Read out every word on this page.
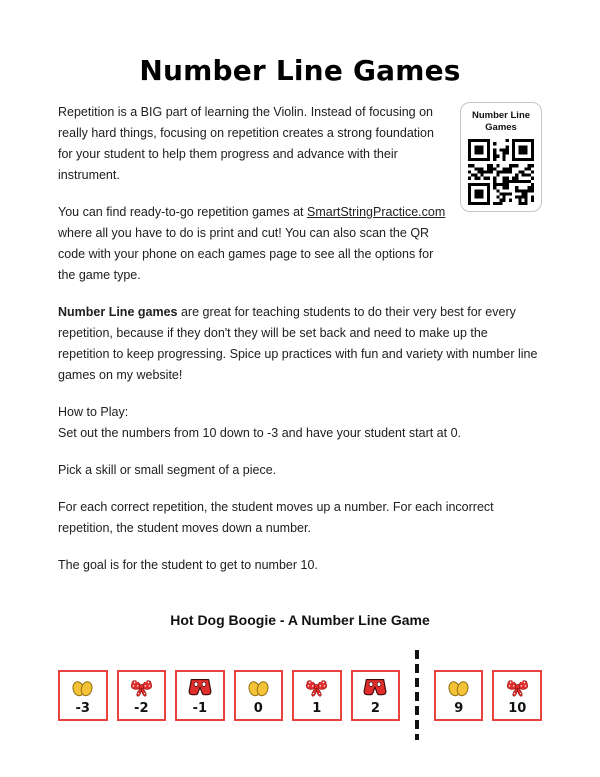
Number Line Games

Repetition is a BIG part of learning the Violin. Instead of focusing on really hard things, focusing on repetition creates a strong foundation for your student to help them progress and advance with their instrument.

You can find ready-to-go repetition games at SmartStringPractice.com where all you have to do is print and cut! You can also scan the QR code with your phone on each games page to see all the options for the game type.

Number Line Games

Number Line games are great for teaching students to do their very best for every repetition, because if they don't they will be set back and need to make up the repetition to keep progressing. Spice up practices with fun and variety with number line games on my website!

How to Play:
Set out the numbers from 10 down to -3 and have your student start at 0.

Pick a skill or small segment of a piece.

For each correct repetition, the student moves up a number. For each incorrect repetition, the student moves down a number.

The goal is for the student to get to number 10.

Hot Dog Boogie - A Number Line Game
-3	-2	-1	0	1	2	9	10
